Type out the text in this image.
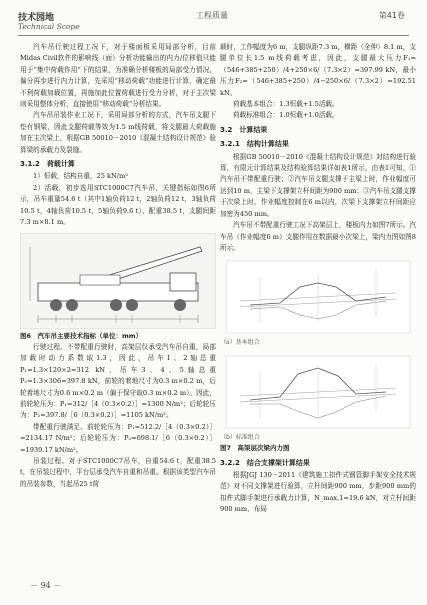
技术园地
Technical Scope
工程质量	第41卷

汽车吊行驶过程工况下，对于楼面板采用局部分析，目前Midas Civil软件的影响线（面）分析功能输出的内力/位移值只能用于“集中荷载作用”下的结果，为准确分析楼板的局部受力情况，偏分再步进行内力计算，先采用“移动荷载”功能进行计算，确定最不利荷载加载位置，再施加此位置荷载进行受力分析，对于主次梁则采用整体分析，直接使用“移动荷载”分析结果。

汽车吊吊装作业工况下，采用局部分析的方式，汽车吊支腿下垫有钢梁，因此支腿荷载等效为1.5 m线荷载，将支腿最大荷载施加在主次梁上，根据GB 50010－2010《混凝土结构设计规范》验算梁的承载力及裂缝。

3.1.2　荷载计算

1）恒载，结构自重，25 kN/m³

2）活载，初步选用STC1000C7汽车吊，关键指标如图6所示，吊车重量54.6 t（其中1轴负荷12 t，2轴负荷12 t，3轴负荷10.5 t，4轴负荷10.5 t，5轴负荷9.6 t），配重38.5 t，支腿间距7.3 m×8.1 m。

图6　汽车吊主要技术指标（单位：mm）

行驶过程。不带配重行驶时，高架层仅承受汽车吊自重，局部加载时动力系数取1.3，因此，吊车1、2轴总重P₁=1.3×120×2=312 kN，吊车3、4、5轴总重P₂=1.3×306=397.8 kN，前轮的着地尺寸为0.3 m×0.2 m，后轮着地尺寸为0.6 m×0.2 m（偏于保守取0.3 m×0.2 m）。因此，前轮轮压为：P₁=312/［4（0.3×0.2）］=1300 N/m²；后轮轮压为：P₂=397.8/［6（0.3×0.2）］=1105 kN/m²。

带配重行驶满足。前轮轮压为：P₁=512.2/［4（0.3×0.2）］=2134.17 N/m²；后轮轮压为：P₂=698.1/［6（0.3×0.2）］=1939.17 kN/m²。

吊装过程。对于STC1000C7吊车，自重54.6 t，配重38.5 t，在吊装过程中，平台层承受汽车自重和吊重。根据该类型汽车吊的吊装参数，当起吊25 t荷

载时，工作幅度为6 m，支腿纵距7.3 m，横距（全伸）8.1 m，支腿单位长1.5 m线荷载考虑，因此，支腿最大压力F₁=（546+385+250）/4+250×6/（7.3×2）=397.99 kN，最小压力F₂=（546+385+250）/4−250×6/（7.3×2）=192.51 kN。

荷载基本组合：1.3恒载+1.5活载。

荷载标准组合：1.0恒载+1.0活载。

3.2　计算结果

3.2.1　结构计算结果

根据GB 50010－2010《混凝土结构设计规范》对结构进行验算，有限元计算结果及结构验算结果详如表1所示，由表1可知，①汽车吊不带配重行驶；②汽车吊支腿支撑于主梁上时，作业幅度可达到10 m，主梁下支撑架立杆间距为900 mm；③汽车吊支腿支撑于次梁上时，作业幅度控制在6 m以内，次梁下支撑架立杆间距应加密为450 mm。

汽车吊不带配重行驶工况下高架层上，楼板内力如图7所示。汽车吊（作业幅度6 m）支腿作用在数据最小次梁上，梁内力图如图8所示。

（a）基本组合

（b）标准组合

图7　高架层次梁内力图

3.2.2　结合支撑架计算结果

根据JGJ 130－2011《建筑施工扣件式钢管脚手架安全技术规范》对不同支撑架进行验算，立杆间距900 mm，步距900 mm的扣件式脚手架进行承载力计算，N_max,1=19.6 kN，对立杆间距900 mm、布局

－ 94 －
